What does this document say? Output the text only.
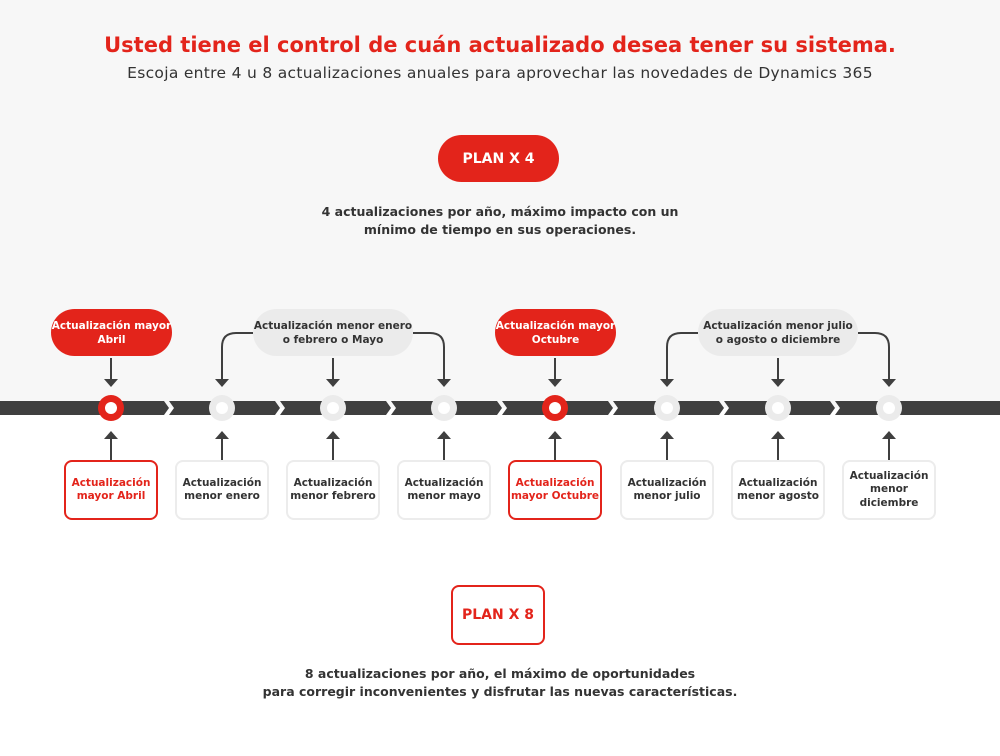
Usted tiene el control de cuán actualizado desea tener su sistema.
Escoja entre 4 u 8 actualizaciones anuales para aprovechar las novedades de Dynamics 365
PLAN X 4
4 actualizaciones por año, máximo impacto con un
mínimo de tiempo en sus operaciones.
Actualización mayor Abril
Actualización menor enero o febrero o Mayo
Actualización mayor Octubre
Actualización menor julio o agosto o diciembre
Actualización mayor Abril
Actualización menor enero
Actualización menor febrero
Actualización menor mayo
Actualización mayor Octubre
Actualización menor julio
Actualización menor agosto
Actualización menor diciembre
PLAN X 8
8 actualizaciones por año, el máximo de oportunidades
para corregir inconvenientes y disfrutar las nuevas características.
